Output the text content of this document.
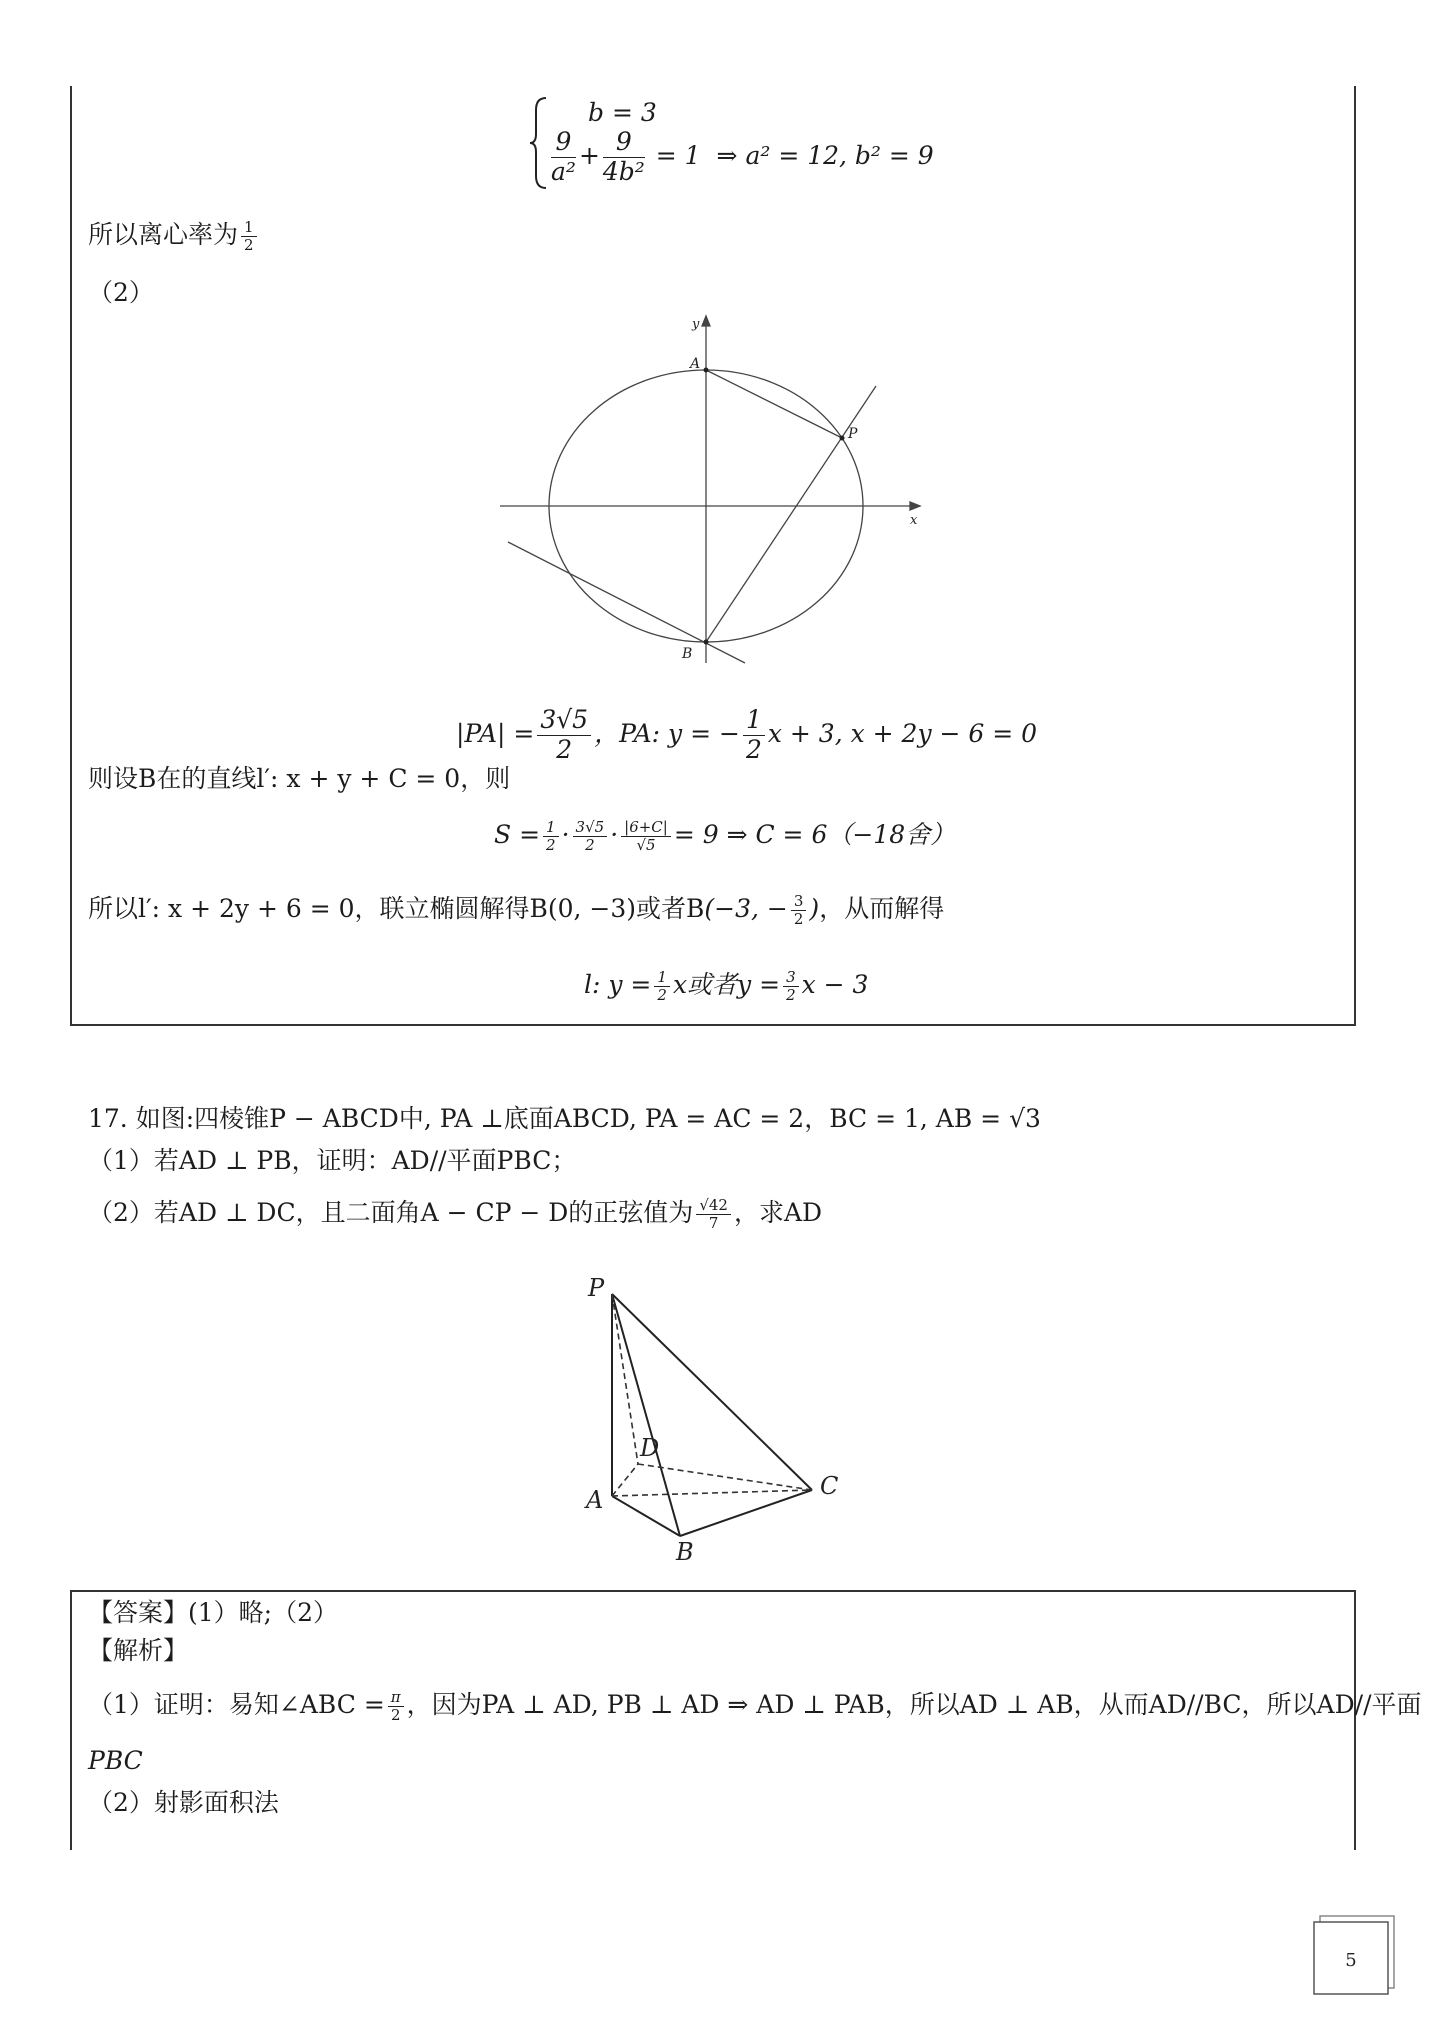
b = 3
$\frac{9}{\text{a²}} + \frac{9}{\text{4b²}} = 1$ ⇒ a² = 12, b² = 9
所以离心率为 $\frac{1}{2}$
（2）
A
P
B
x
y
$|PA| = \frac{3√5}{2}$ ，PA: y = − $\frac{1}{2}$ x + 3, x + 2y − 6 = 0
则设B在的直线l′: x + y + C = 0，则
$S = \frac{1}{2} \cdot \frac{3√5}{2} \cdot \frac{|6+C|}{√5} = 9$ ⇒ C = 6（−18舍）
所以l′: x + 2y + 6 = 0，联立椭圆解得B(0, −3)或者B(−3, − $\frac{3}{2}$ )，从而解得
l: $y = \frac{1}{2}$ x或者$y = \frac{3}{2}$ x − 3
17. 如图:四棱锥P − ABCD中, PA ⊥底面ABCD, PA = AC = 2，BC = 1, AB = √3
（1）若AD ⊥ PB，证明：AD//平面PBC；
（2）若AD ⊥ DC，且二面角A − CP − D的正弦值为 $\frac{√42}{7}$ ，求AD
P
D
A
B
C
【答案】(1）略;（2）
【解析】
（1）证明：易知∠ABC = $\frac{\pi}{2}$ ，因为PA ⊥ AD, PB ⊥ AD ⇒ AD ⊥ PAB，所以AD ⊥ AB，从而AD//BC，所以AD//平面
PBC
（2）射影面积法
5
